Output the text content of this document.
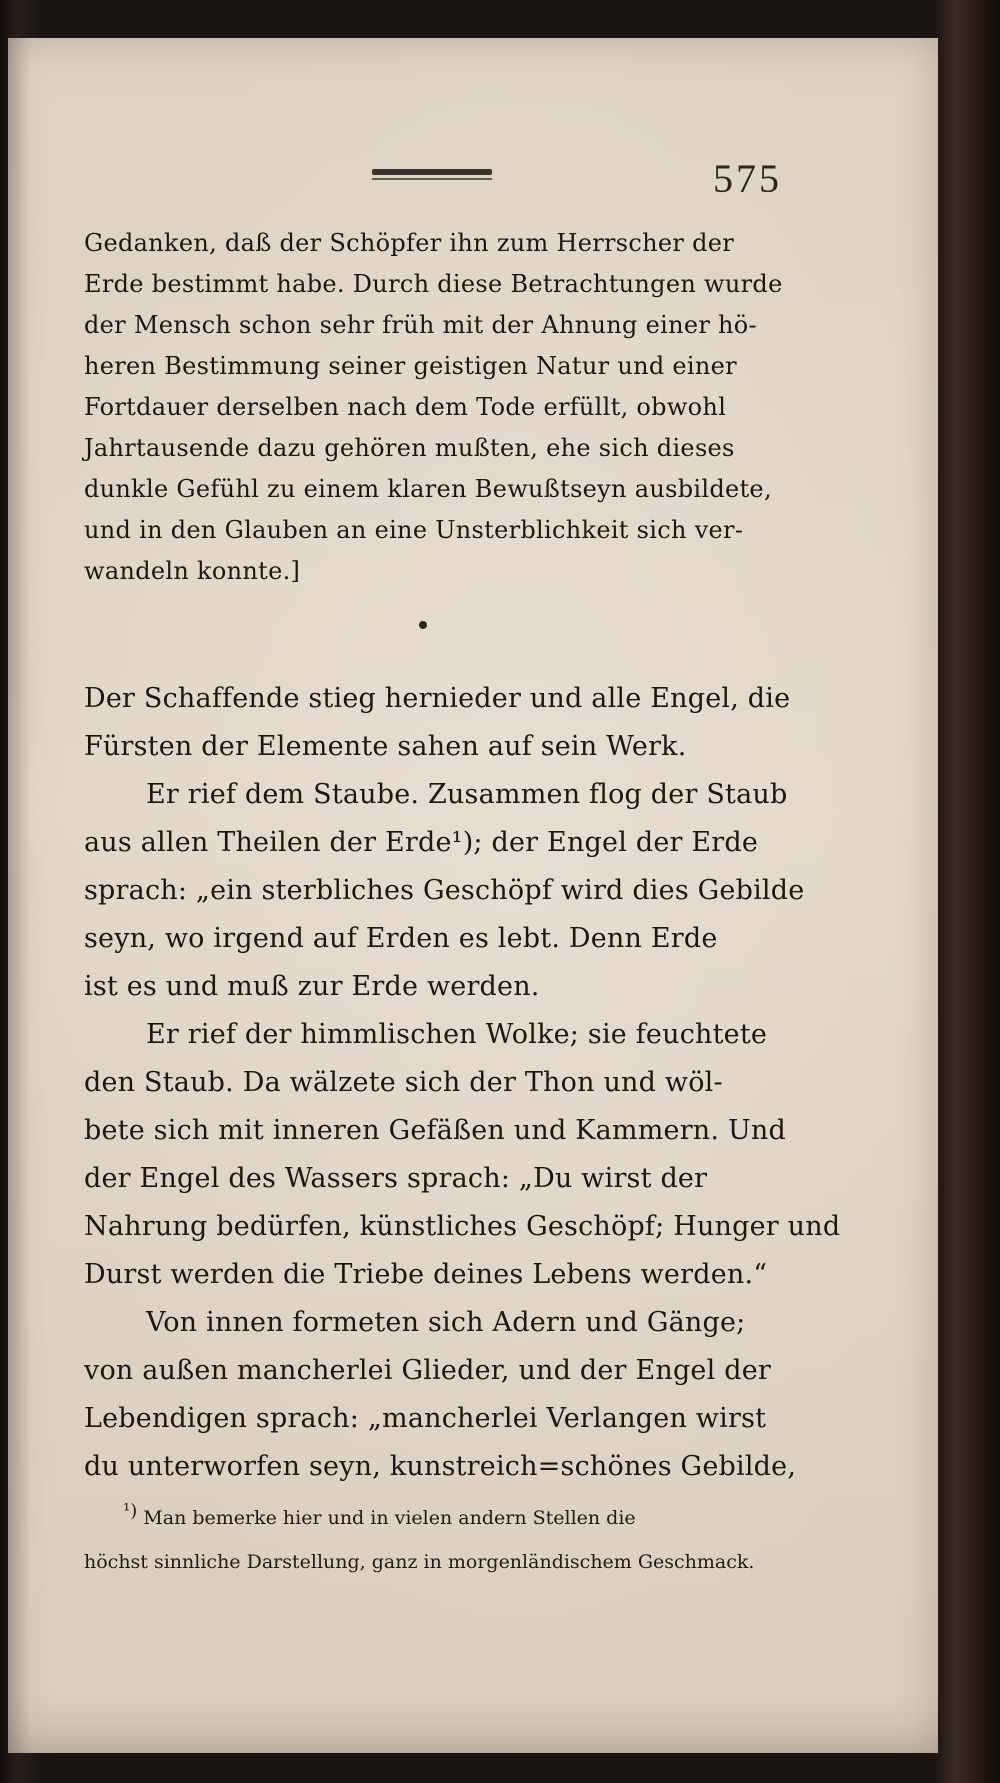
575
Gedanken, daß der Schöpfer ihn zum Herrscher der
Erde bestimmt habe. Durch diese Betrachtungen wurde
der Mensch schon sehr früh mit der Ahnung einer hö-
heren Bestimmung seiner geistigen Natur und einer
Fortdauer derselben nach dem Tode erfüllt, obwohl
Jahrtausende dazu gehören mußten, ehe sich dieses
dunkle Gefühl zu einem klaren Bewußtseyn ausbildete,
und in den Glauben an eine Unsterblichkeit sich ver-
wandeln konnte.]
Der Schaffende stieg hernieder und alle Engel, die
Fürsten der Elemente sahen auf sein Werk.
Er rief dem Staube. Zusammen flog der Staub
aus allen Theilen der Erde¹); der Engel der Erde
sprach: „ein sterbliches Geschöpf wird dies Gebilde
seyn, wo irgend auf Erden es lebt. Denn Erde
ist es und muß zur Erde werden.
Er rief der himmlischen Wolke; sie feuchtete
den Staub. Da wälzete sich der Thon und wöl-
bete sich mit inneren Gefäßen und Kammern. Und
der Engel des Wassers sprach: „Du wirst der
Nahrung bedürfen, künstliches Geschöpf; Hunger und
Durst werden die Triebe deines Lebens werden.“
Von innen formeten sich Adern und Gänge;
von außen mancherlei Glieder, und der Engel der
Lebendigen sprach: „mancherlei Verlangen wirst
du unterworfen seyn, kunstreich=schönes Gebilde,
¹) Man bemerke hier und in vielen andern Stellen die
höchst sinnliche Darstellung, ganz in morgenländischem Geschmack.
